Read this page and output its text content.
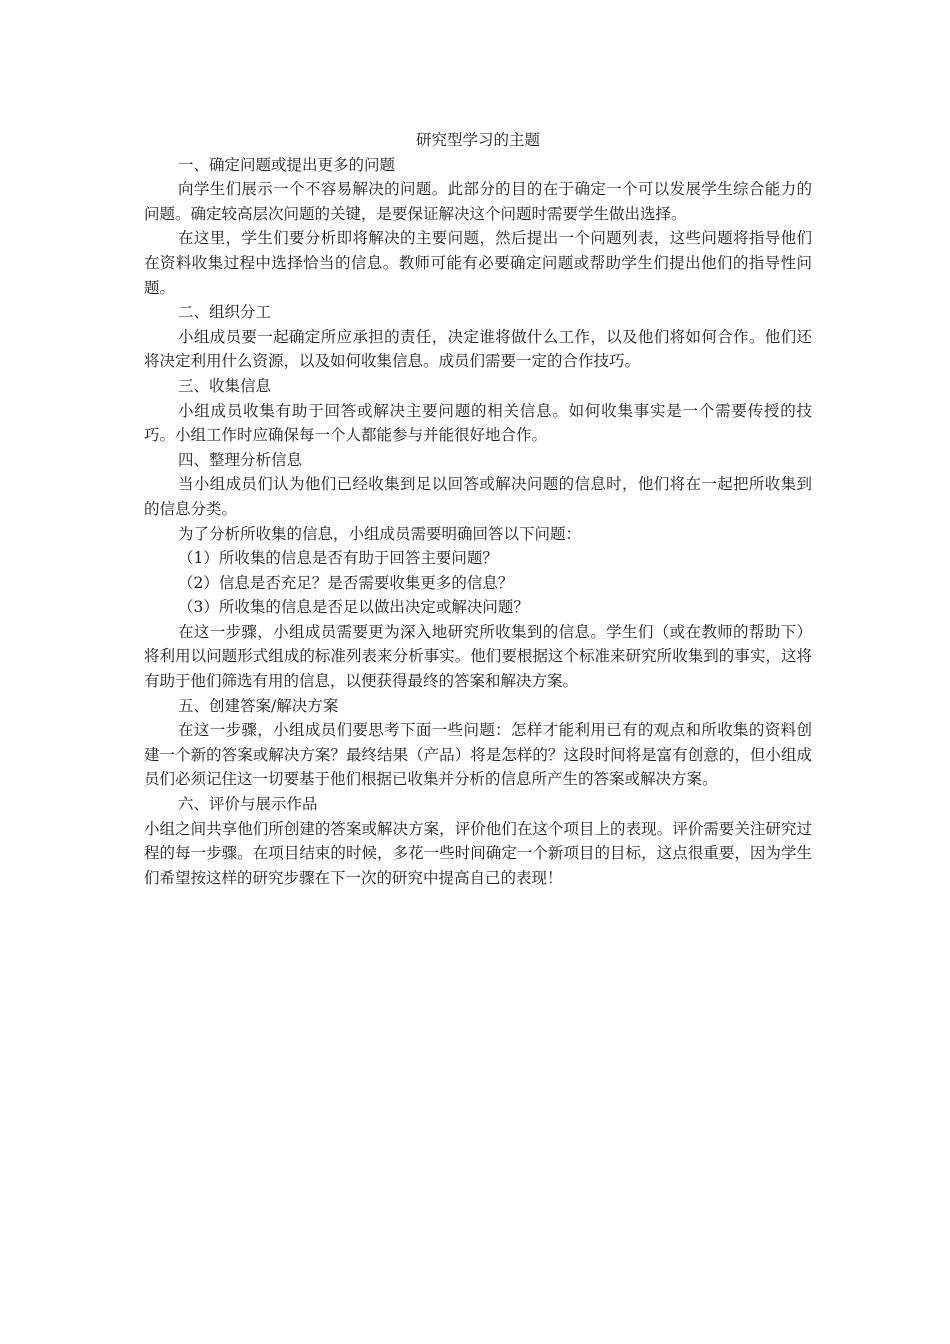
研究型学习的主题

一、确定问题或提出更多的问题

向学生们展示一个不容易解决的问题。此部分的目的在于确定一个可以发展学生综合能力的问题。确定较高层次问题的关键，是要保证解决这个问题时需要学生做出选择。

在这里，学生们要分析即将解决的主要问题，然后提出一个问题列表，这些问题将指导他们在资料收集过程中选择恰当的信息。教师可能有必要确定问题或帮助学生们提出他们的指导性问题。

二、组织分工

小组成员要一起确定所应承担的责任，决定谁将做什么工作，以及他们将如何合作。他们还将决定利用什么资源，以及如何收集信息。成员们需要一定的合作技巧。

三、收集信息

小组成员收集有助于回答或解决主要问题的相关信息。如何收集事实是一个需要传授的技巧。小组工作时应确保每一个人都能参与并能很好地合作。

四、整理分析信息

当小组成员们认为他们已经收集到足以回答或解决问题的信息时，他们将在一起把所收集到的信息分类。

为了分析所收集的信息，小组成员需要明确回答以下问题：

（1）所收集的信息是否有助于回答主要问题？

（2）信息是否充足？是否需要收集更多的信息？

（3）所收集的信息是否足以做出决定或解决问题？

在这一步骤，小组成员需要更为深入地研究所收集到的信息。学生们（或在教师的帮助下）将利用以问题形式组成的标准列表来分析事实。他们要根据这个标准来研究所收集到的事实，这将有助于他们筛选有用的信息，以便获得最终的答案和解决方案。

五、创建答案/解决方案

在这一步骤，小组成员们要思考下面一些问题：怎样才能利用已有的观点和所收集的资料创建一个新的答案或解决方案？最终结果（产品）将是怎样的？这段时间将是富有创意的，但小组成员们必须记住这一切要基于他们根据已收集并分析的信息所产生的答案或解决方案。

六、评价与展示作品

小组之间共享他们所创建的答案或解决方案，评价他们在这个项目上的表现。评价需要关注研究过程的每一步骤。在项目结束的时候，多花一些时间确定一个新项目的目标，这点很重要，因为学生们希望按这样的研究步骤在下一次的研究中提高自己的表现！
